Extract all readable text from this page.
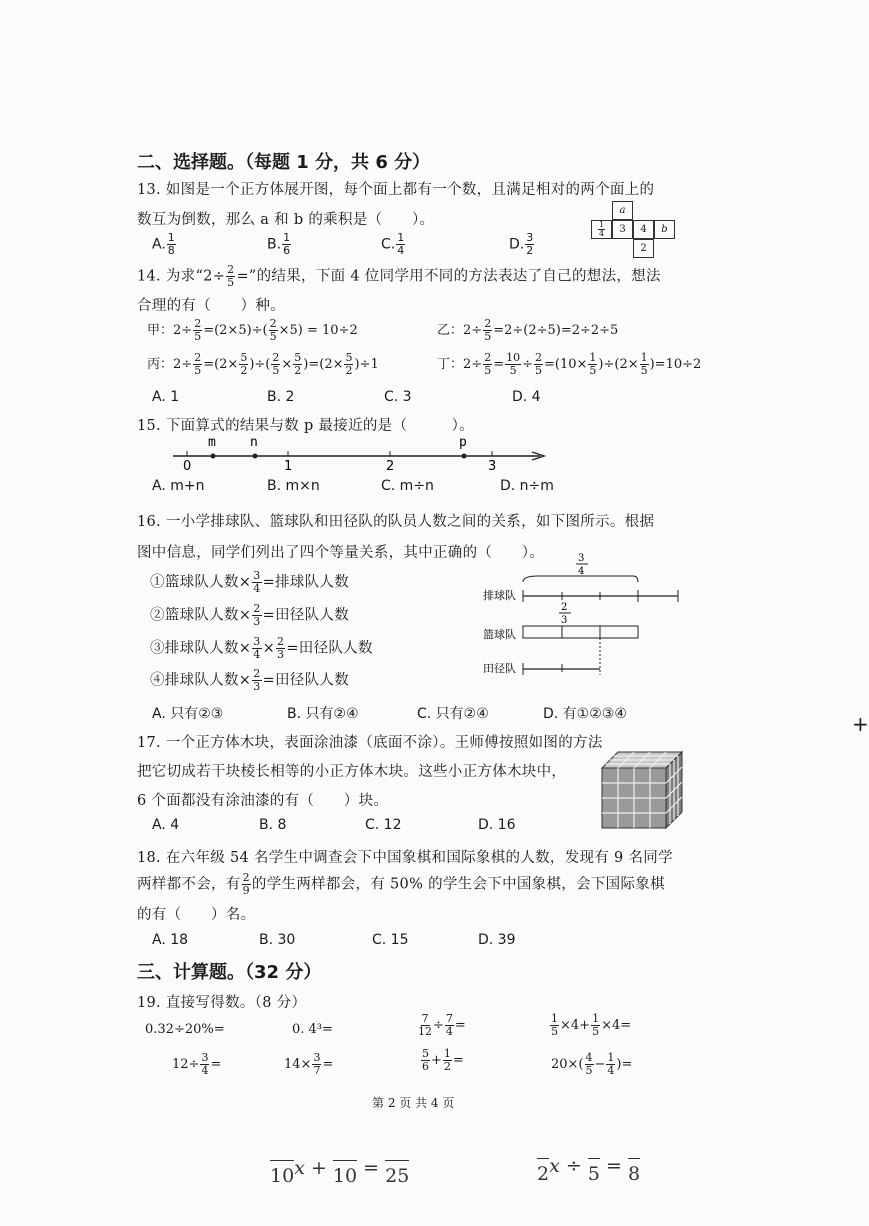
二、选择题。（每题 1 分，共 6 分）
13. 如图是一个正方体展开图，每个面上都有一个数，且满足相对的两个面上的
数互为倒数，那么 a 和 b 的乘积是（　　）。
A. $\frac{1}{8}$	B. $\frac{1}{6}$	C. $\frac{1}{4}$	D. $\frac{3}{2}$
a
$\frac{1}{4}$	3	4	b
2
14. 为求“$2\div \frac{2}{5}$ =”的结果，下面 4 位同学用不同的方法表达了自己的想法，想法
合理的有（　　）种。
甲：$2\div \frac{2}{5} =(2\times 5)\div( \frac{2}{5} \times 5) = 10\div 2$	乙：$2\div \frac{2}{5} =2\div(2\div 5)=2\div 2\div 5$
丙：$2\div \frac{2}{5} =(2\times \frac{5}{2}$ )÷( $\frac{2}{5} \times \frac{5}{2} )=(2\times \frac{5}{2} )\div 1$	丁：$2\div \frac{2}{5} = \frac{10}{5} \div \frac{2}{5} =(10\times \frac{1}{5} )\div(2\times \frac{1}{5} )=10\div 2$
A. 1	B. 2	C. 3	D. 4
15. 下面算式的结果与数 p 最接近的是（　　　）。
m	n	p
0	1	2	3
A. m+n	B. m×n	C. m÷n	D. n÷m
16. 一小学排球队、篮球队和田径队的队员人数之间的关系，如下图所示。根据
图中信息，同学们列出了四个等量关系，其中正确的（　　）。
①篮球队人数× $\frac{3}{4}$ =排球队人数
②篮球队人数× $\frac{2}{3}$ =田径队人数
③排球队人数× $\frac{3}{4} \times \frac{2}{3}$ =田径队人数
④排球队人数× $\frac{2}{3}$ =田径队人数
3
4
排球队
2
3
篮球队
田径队
A. 只有②③	B. 只有②④	C. 只有②④	D. 有①②③④
17. 一个正方体木块，表面涂油漆（底面不涂）。王师傅按照如图的方法
把它切成若干块棱长相等的小正方体木块。这些小正方体木块中，
6 个面都没有涂油漆的有（　　）块。
A. 4	B. 8	C. 12	D. 16
18. 在六年级 54 名学生中调查会下中国象棋和国际象棋的人数，发现有 9 名同学
两样都不会，有 $\frac{2}{9}$ 的学生两样都会，有 50% 的学生会下中国象棋，会下国际象棋
的有（　　）名。
A. 18	B. 30	C. 15	D. 39
三、计算题。（32 分）
19. 直接写得数。（8 分）
0.32÷20%=	0. 4³=	$\frac{7}{12} \div \frac{7}{4}$ =	$\frac{1}{5} \times 4+ \frac{1}{5} \times 4=$
$12\div \frac{3}{4}$ =	$14\times \frac{3}{7}$ =	$\frac{5}{6} + \frac{1}{2}$ =	$20\times( \frac{4}{5} - \frac{1}{4}$ )=
第 2 页 共 4 页
10x + 10 = 25	2x ÷ 5 = 8
+
